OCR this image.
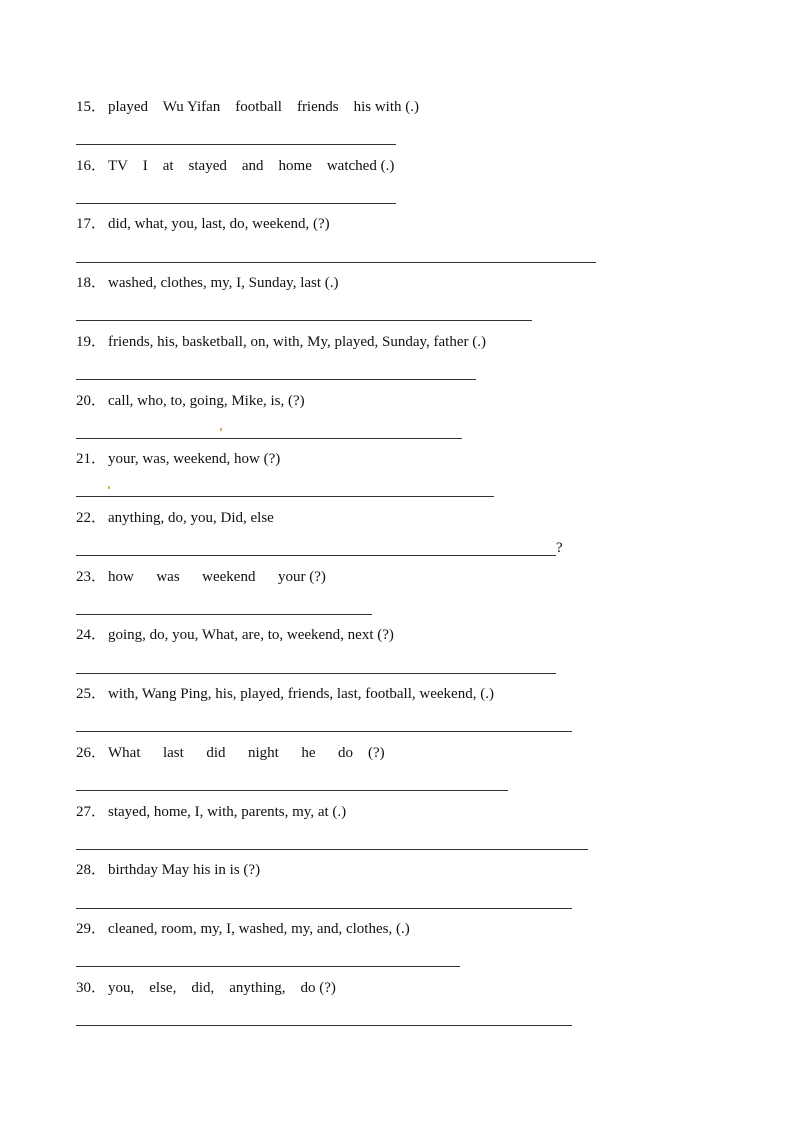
15． played    Wu Yifan    football    friends    his with (.)
16． TV    I    at    stayed    and    home    watched (.)
17． did, what, you, last, do, weekend, (?)
18． washed, clothes, my, I, Sunday, last (.)
19． friends, his, basketball, on, with, My, played, Sunday, father (.)
20． call, who, to, going, Mike, is, (?)
21． your, was, weekend, how (?)
22． anything, do, you, Did, else
?
23． how      was      weekend      your (?)
24． going, do, you, What, are, to, weekend, next (?)
25． with, Wang Ping, his, played, friends, last, football, weekend, (.)
26． What      last      did      night      he      do    (?)
27． stayed, home, I, with, parents, my, at (.)
28． birthday May his in is (?)
29． cleaned, room, my, I, washed, my, and, clothes, (.)
30． you,    else,    did,    anything,    do (?)
